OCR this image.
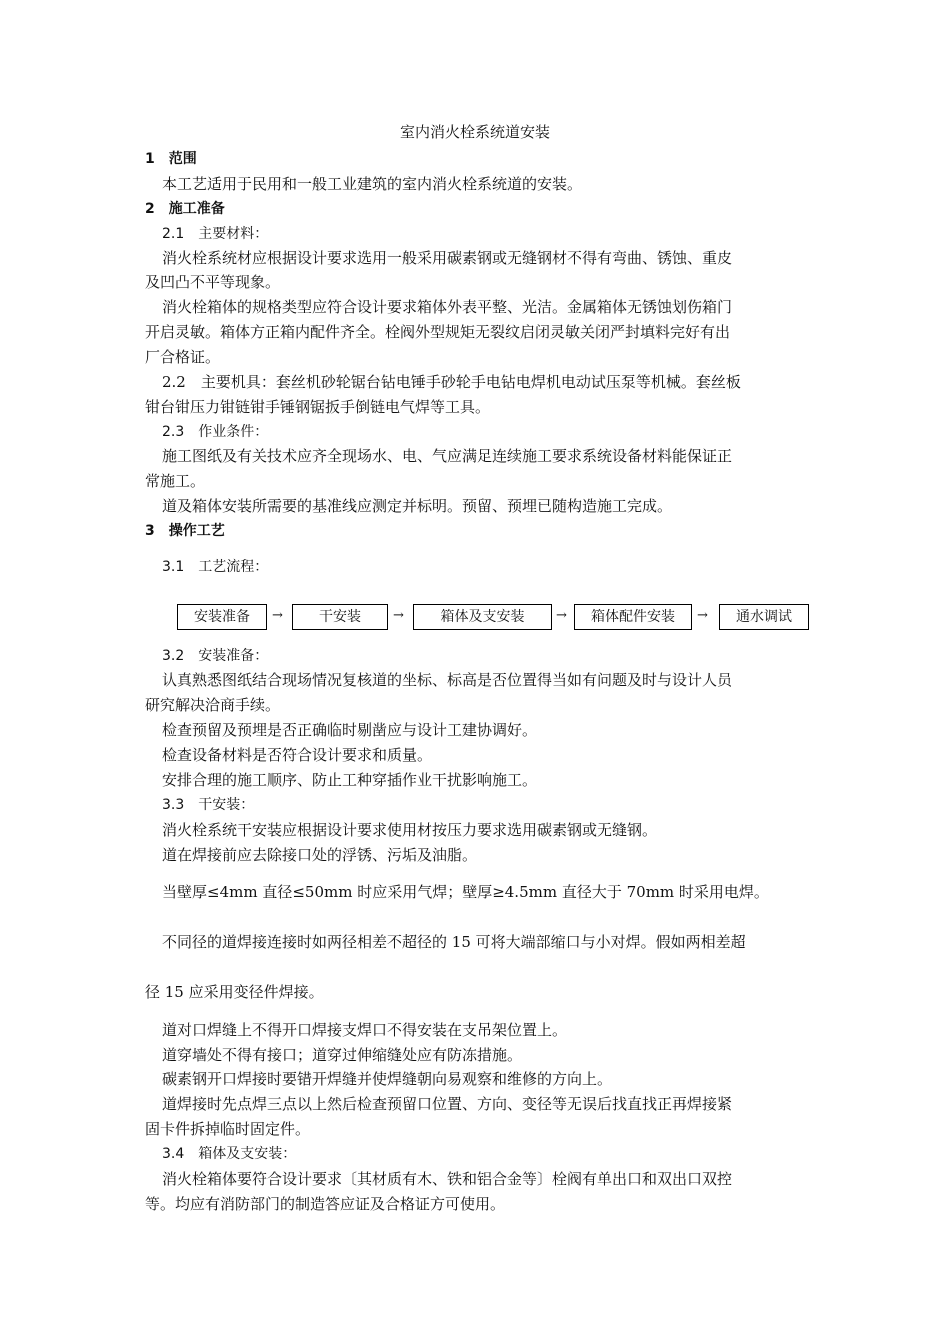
室内消火栓系统道安装
1　范围
本工艺适用于民用和一般工业建筑的室内消火栓系统道的安装。
2　施工准备
2.1　主要材料：
消火栓系统材应根据设计要求选用一般采用碳素钢或无缝钢材不得有弯曲、锈蚀、重皮
及凹凸不平等现象。
消火栓箱体的规格类型应符合设计要求箱体外表平整、光洁。金属箱体无锈蚀划伤箱门
开启灵敏。箱体方正箱内配件齐全。栓阀外型规矩无裂纹启闭灵敏关闭严封填料完好有出
厂合格证。
2.2　主要机具：套丝机砂轮锯台钻电锤手砂轮手电钻电焊机电动试压泵等机械。套丝板
钳台钳压力钳链钳手锤钢锯扳手倒链电气焊等工具。
2.3　作业条件：
施工图纸及有关技术应齐全现场水、电、气应满足连续施工要求系统设备材料能保证正
常施工。
道及箱体安装所需要的基准线应测定并标明。预留、预埋已随构造施工完成。
3　操作工艺
3.1　工艺流程：
安装准备	→	干安装	→	箱体及支安装	→	箱体配件安装	→	通水调试
3.2　安装准备：
认真熟悉图纸结合现场情况复核道的坐标、标高是否位置得当如有问题及时与设计人员
研究解决洽商手续。
检查预留及预埋是否正确临时剔凿应与设计工建协调好。
检查设备材料是否符合设计要求和质量。
安排合理的施工顺序、防止工种穿插作业干扰影响施工。
3.3　干安装：
消火栓系统干安装应根据设计要求使用材按压力要求选用碳素钢或无缝钢。
道在焊接前应去除接口处的浮锈、污垢及油脂。
当壁厚≤4mm 直径≤50mm 时应采用气焊；壁厚≥4.5mm 直径大于 70mm 时采用电焊。
不同径的道焊接连接时如两径相差不超径的 15 可将大端部缩口与小对焊。假如两相差超
径 15 应采用变径件焊接。
道对口焊缝上不得开口焊接支焊口不得安装在支吊架位置上。
道穿墙处不得有接口；道穿过伸缩缝处应有防冻措施。
碳素钢开口焊接时要错开焊缝并使焊缝朝向易观察和维修的方向上。
道焊接时先点焊三点以上然后检查预留口位置、方向、变径等无误后找直找正再焊接紧
固卡件拆掉临时固定件。
3.4　箱体及支安装：
消火栓箱体要符合设计要求〔其材质有木、铁和铝合金等〕栓阀有单出口和双出口双控
等。均应有消防部门的制造答应证及合格证方可使用。
